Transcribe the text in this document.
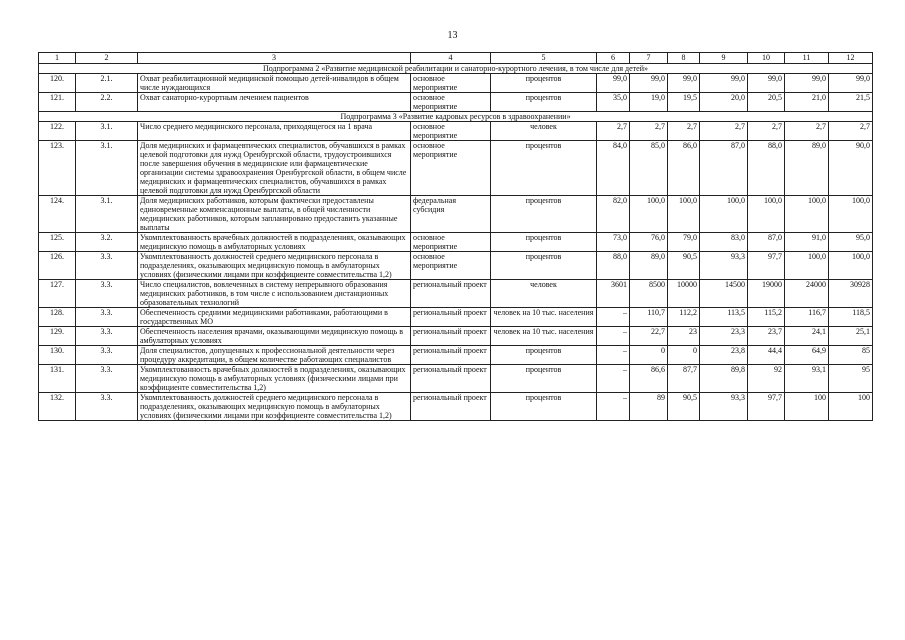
13
1	2	3	4	5	6	7	8	9	10	11	12
Подпрограмма 2 «Развитие медицинской реабилитации и санаторно-курортного лечения, в том числе для детей»											
120.	2.1.	Охват реабилитационной медицинской помощью детей-инвалидов в общем числе нуждающихся	основное мероприятие	процентов	99,0	99,0	99,0	99,0	99,0	99,0	99,0
121.	2.2.	Охват санаторно-курортным лечением пациентов	основное мероприятие	процентов	35,0	19,0	19,5	20,0	20,5	21,0	21,5
Подпрограмма 3 «Развитие кадровых ресурсов в здравоохранении»											
122.	3.1.	Число среднего медицинского персонала, приходящегося на 1 врача	основное мероприятие	человек	2,7	2,7	2,7	2,7	2,7	2,7	2,7
123.	3.1.	Доля медицинских и фармацевтических специалистов, обучавшихся в рамках целевой подготовки для нужд Оренбургской области, трудоустроившихся после завершения обучения в медицинские или фармацевтические организации системы здравоохранения Оренбургской области, в общем числе медицинских и фармацевтических специалистов, обучавшихся в рамках целевой подготовки для нужд Оренбургской области	основное мероприятие	процентов	84,0	85,0	86,0	87,0	88,0	89,0	90,0
124.	3.1.	Доля медицинских работников, которым фактически предоставлены единовременные компенсационные выплаты, в общей численности медицинских работников, которым запланировано предоставить указанные выплаты	федеральная субсидия	процентов	82,0	100,0	100,0	100,0	100,0	100,0	100,0
125.	3.2.	Укомплектованность врачебных должностей в подразделениях, оказывающих медицинскую помощь в амбулаторных условиях	основное мероприятие	процентов	73,0	76,0	79,0	83,0	87,0	91,0	95,0
126.	3.3.	Укомплектованность должностей среднего медицинского персонала в подразделениях, оказывающих медицинскую помощь в амбулаторных условиях (физическими лицами при коэффициенте совместительства 1,2)	основное мероприятие	процентов	88,0	89,0	90,5	93,3	97,7	100,0	100,0
127.	3.3.	Число специалистов, вовлеченных в систему непрерывного образования медицинских работников, в том числе с использованием дистанционных образовательных технологий	региональный проект	человек	3601	8500	10000	14500	19000	24000	30928
128.	3.3.	Обеспеченность средними медицинскими работниками, работающими в государственных МО	региональный проект	человек на 10 тыс. населения	–	110,7	112,2	113,5	115,2	116,7	118,5
129.	3.3.	Обеспеченность населения врачами, оказывающими медицинскую помощь в амбулаторных условиях	региональный проект	человек на 10 тыс. населения	–	22,7	23	23,3	23,7	24,1	25,1
130.	3.3.	Доля специалистов, допущенных к профессиональной деятельности через процедуру аккредитации, в общем количестве работающих специалистов	региональный проект	процентов	–	0	0	23,8	44,4	64,9	85
131.	3.3.	Укомплектованность врачебных должностей в подразделениях, оказывающих медицинскую помощь в амбулаторных условиях (физическими лицами при коэффициенте совместительства 1,2)	региональный проект	процентов	–	86,6	87,7	89,8	92	93,1	95
132.	3.3.	Укомплектованность должностей среднего медицинского персонала в подразделениях, оказывающих медицинскую помощь в амбулаторных условиях (физическими лицами при коэффициенте совместительства 1,2)	региональный проект	процентов	–	89	90,5	93,3	97,7	100	100
